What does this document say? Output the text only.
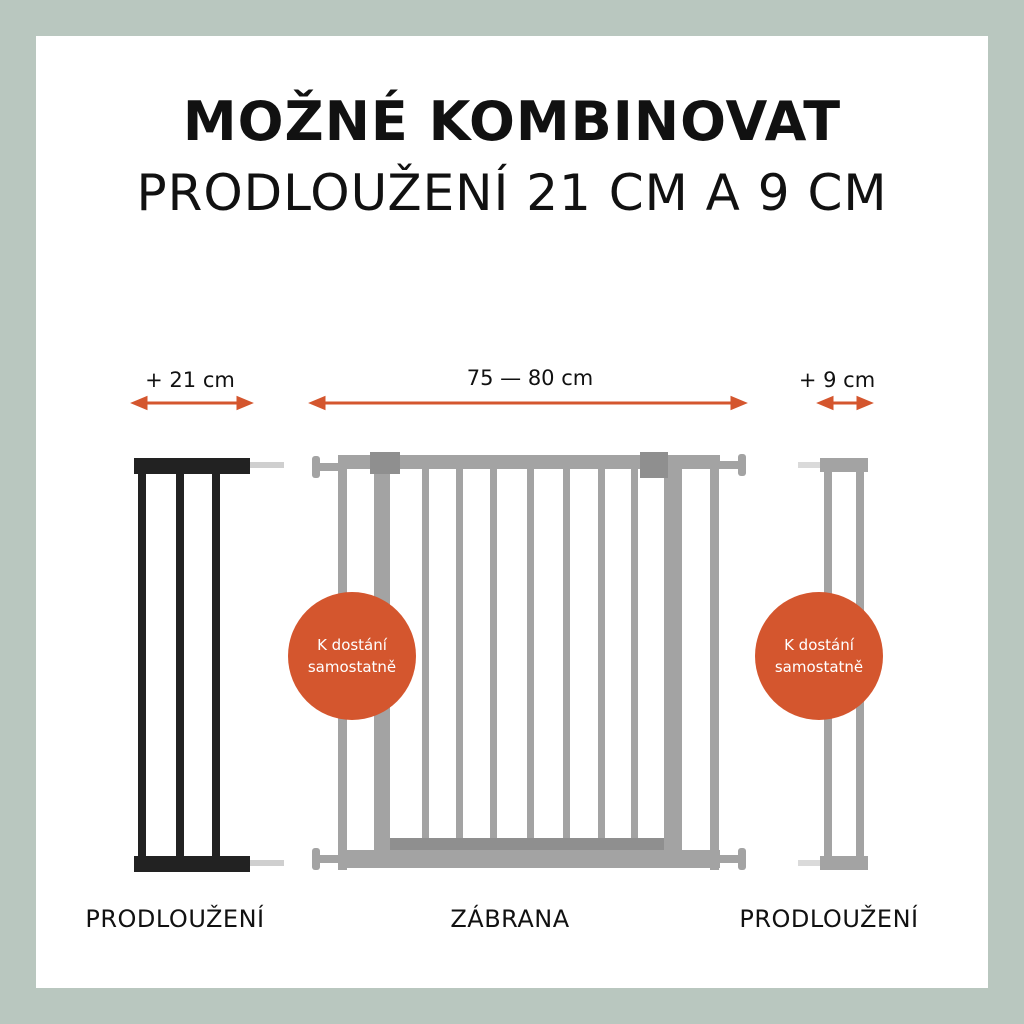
MOŽNÉ KOMBINOVAT
PRODLOUŽENÍ 21 CM A 9 CM
+ 21 cm	75 — 80 cm	+ 9 cm
K dostání
samostatně
K dostání
samostatně
PRODLOUŽENÍ	ZÁBRANA	PRODLOUŽENÍ
